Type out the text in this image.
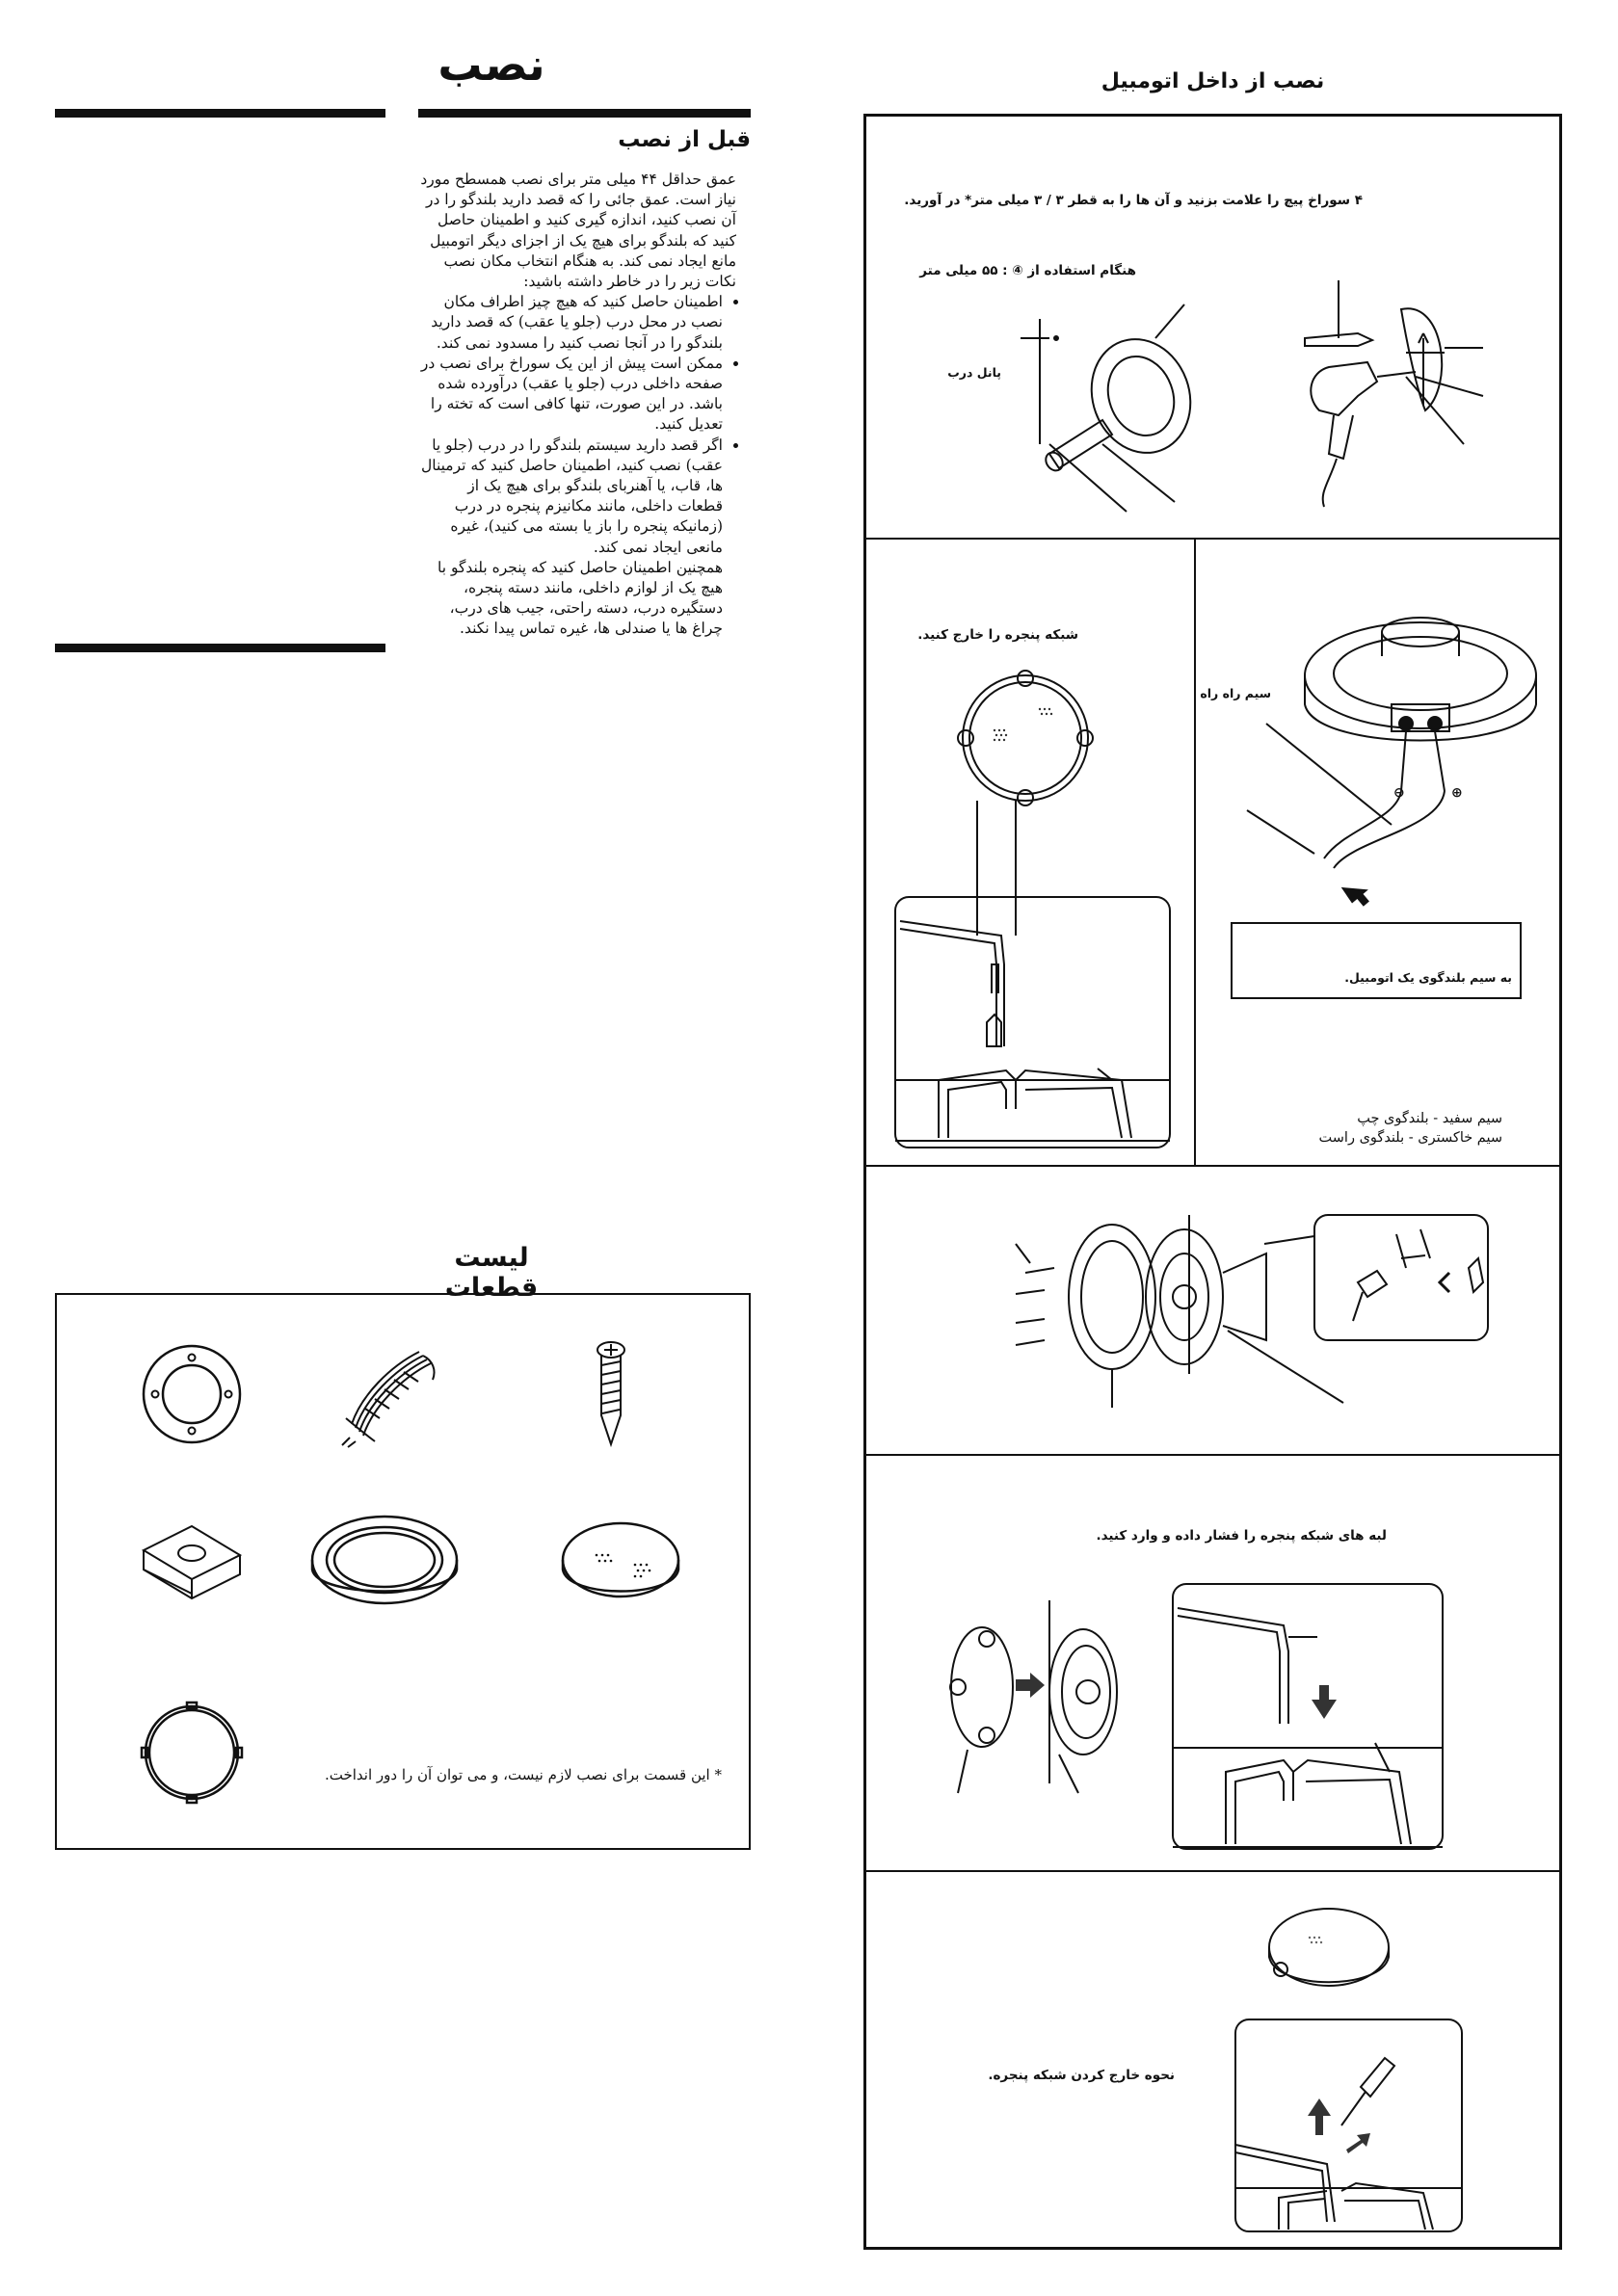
نصب
قبل از نصب

عمق حداقل ۴۴ میلی متر برای نصب همسطح مورد نیاز است. عمق جائی را که قصد دارید بلندگو را در آن نصب کنید، اندازه گیری کنید و اطمینان حاصل کنید که بلندگو برای هیچ یک از اجزای دیگر اتومبیل مانع ایجاد نمی کند. به هنگام انتخاب مکان نصب نکات زیر را در خاطر داشته باشید:

• اطمینان حاصل کنید که هیچ چیز اطراف مکان نصب در محل درب (جلو یا عقب) که قصد دارید بلندگو را در آنجا نصب کنید را مسدود نمی کند.
• ممکن است پیش از این یک سوراخ برای نصب در صفحه داخلی درب (جلو یا عقب) درآورده شده باشد. در این صورت، تنها کافی است که تخته را تعدیل کنید.
• اگر قصد دارید سیستم بلندگو را در درب (جلو یا عقب) نصب کنید، اطمینان حاصل کنید که ترمینال ها، قاب، یا آهنربای بلندگو برای هیچ یک از قطعات داخلی، مانند مکانیزم پنجره در درب (زمانیکه پنجره را باز یا بسته می کنید)، غیره مانعی ایجاد نمی کند.

همچنین اطمینان حاصل کنید که پنجره بلندگو با هیچ یک از لوازم داخلی، مانند دسته پنجره، دستگیره درب، دسته راحتی، جیب های درب، چراغ ها یا صندلی ها، غیره تماس پیدا نکند.

لیست قطعات
* این قسمت برای نصب لازم نیست، و می توان آن را دور انداخت.
نصب از داخل اتومبیل
۴ سوراخ پیچ را علامت بزنید و آن ها را به قطر ۳ / ۳ میلی متر* در آورید.
هنگام استفاده از ④ : ۵۵ میلی متر
پانل درب
شبکه پنجره را خارج کنید.
⊖	⊕
سیم راه راه
به سیم بلندگوی یک اتومبیل.
سیم سفید - بلندگوی چپ
سیم خاکستری - بلندگوی راست
لبه های شبکه پنجره را فشار داده و وارد کنید.
نحوه خارج کردن شبکه پنجره.
